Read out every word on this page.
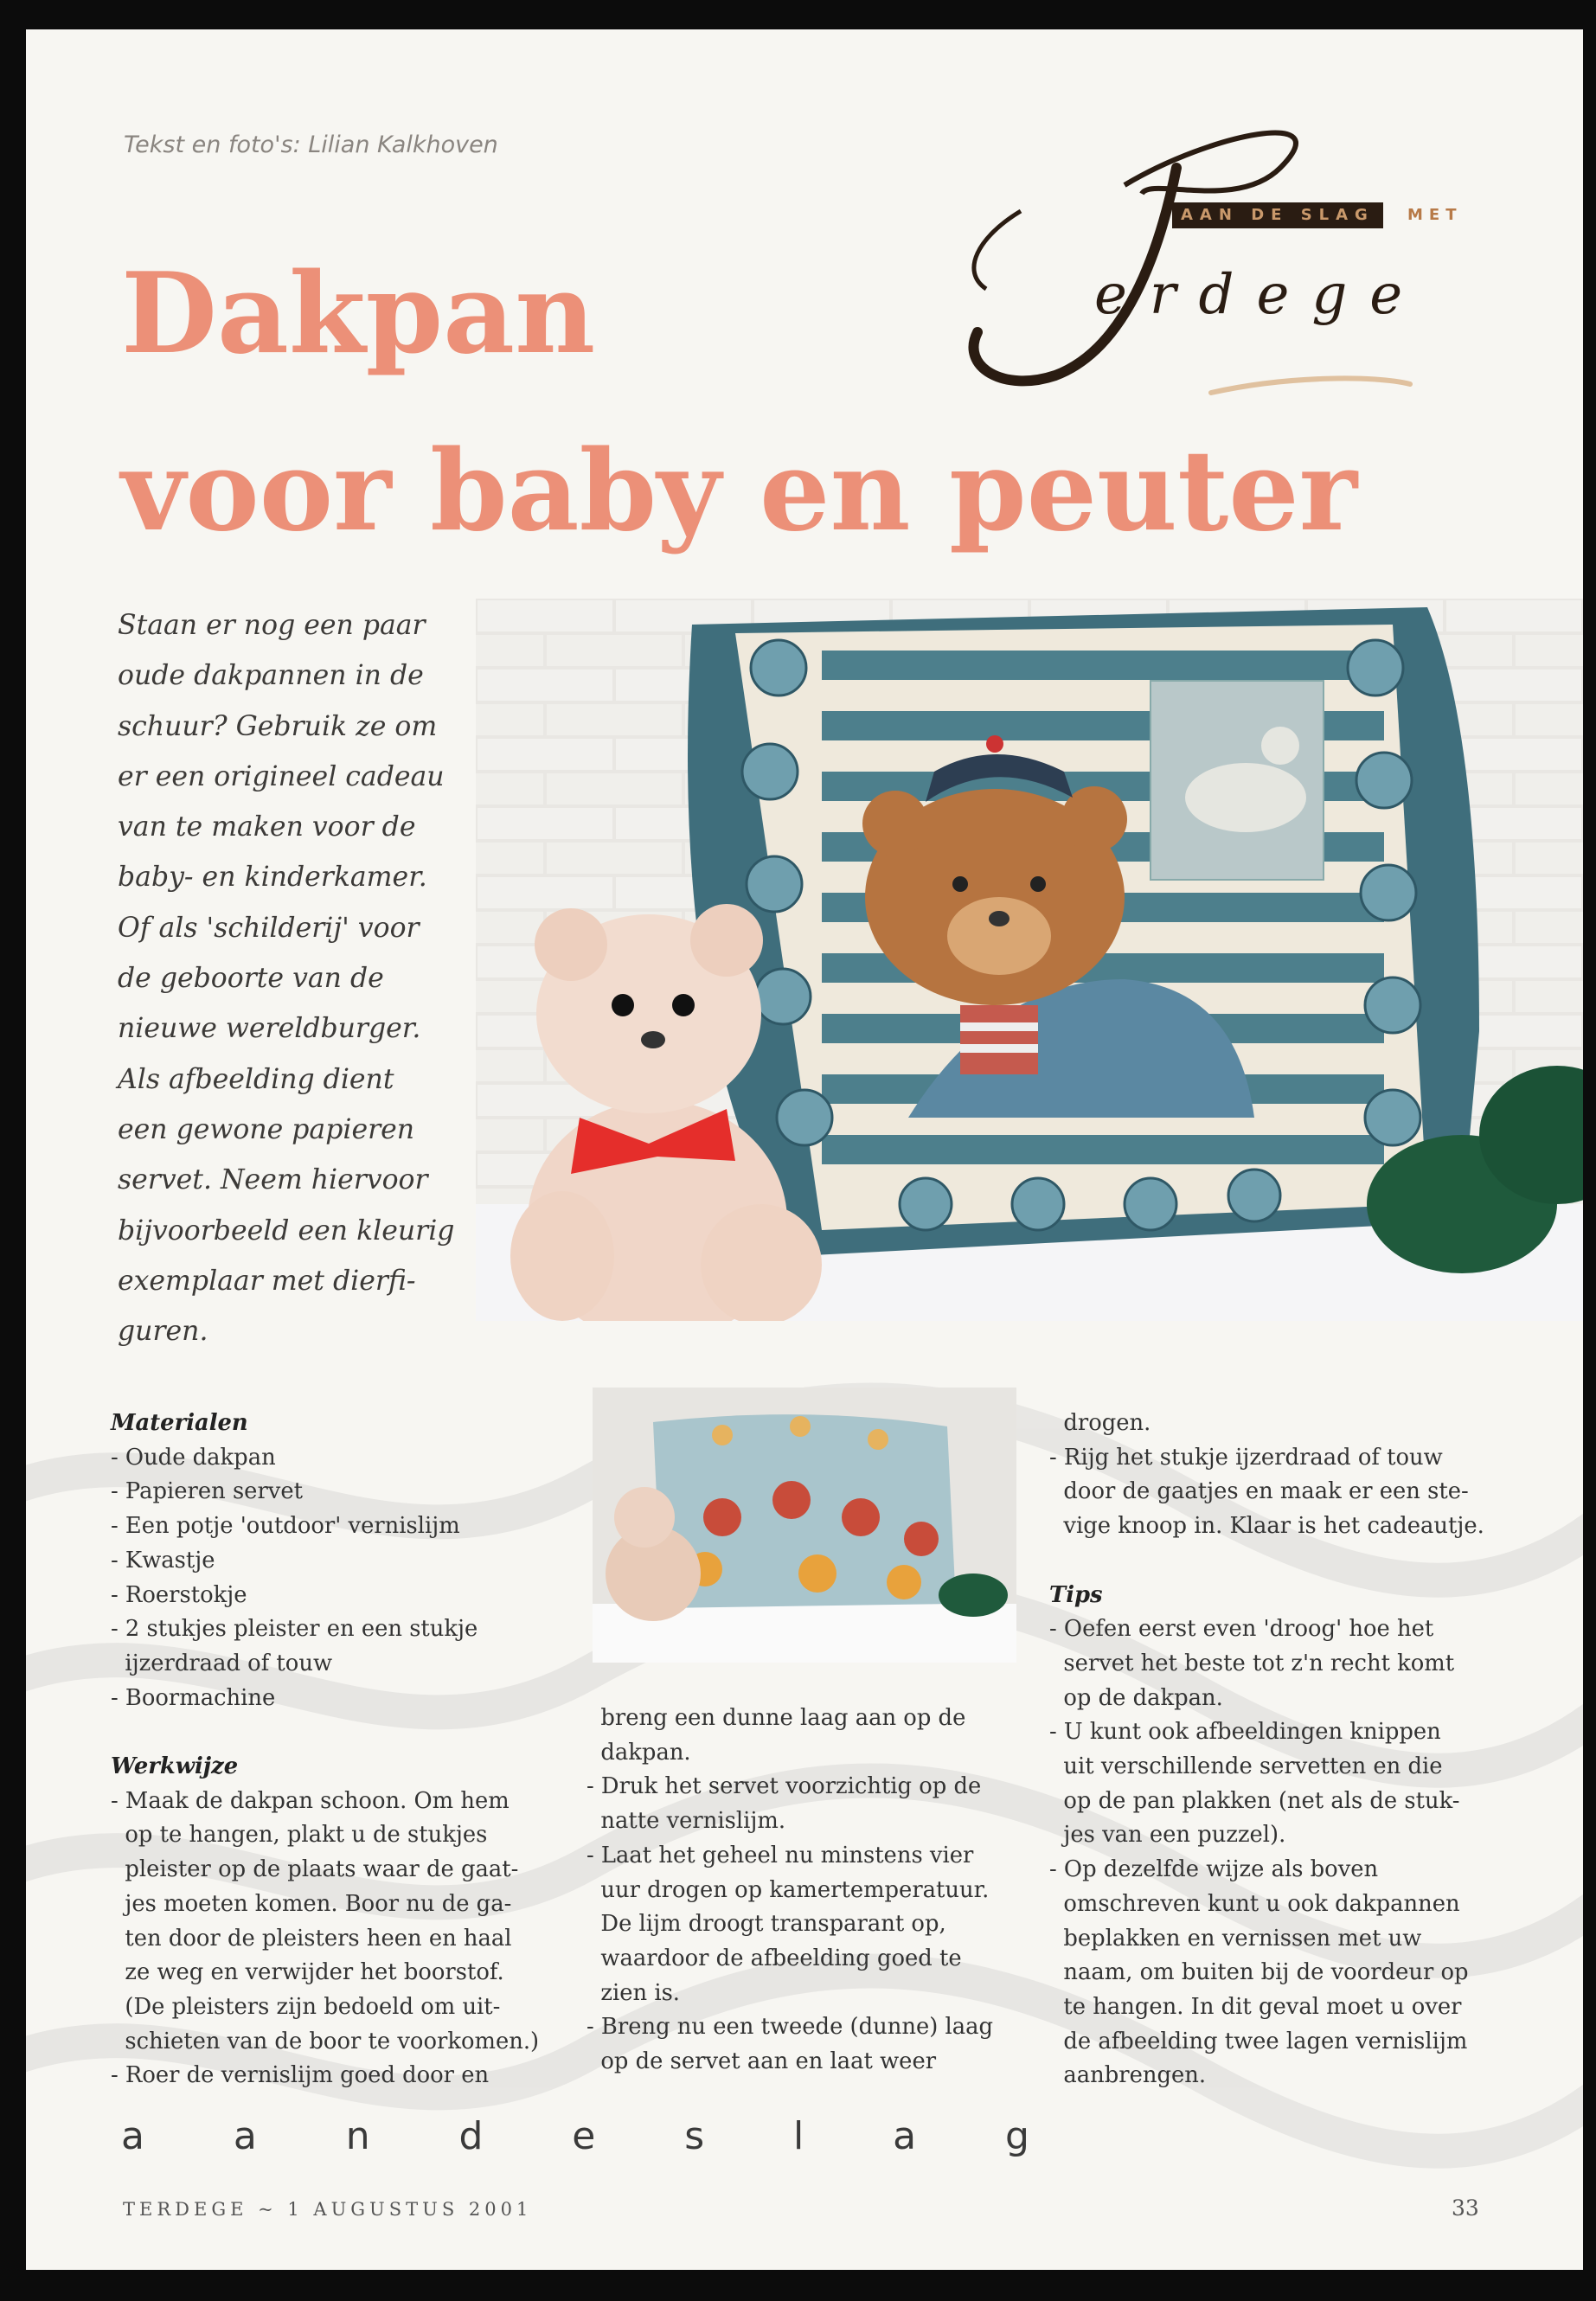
Tekst en foto's: Lilian Kalkhoven
Dakpan
voor baby en peuter
AAN DE SLAG	MET
erdege

Staan er nog een paar
oude dakpannen in de
schuur? Gebruik ze om
er een origineel cadeau
van te maken voor de
baby- en kinderkamer.
Of als 'schilderij' voor
de geboorte van de
nieuwe wereldburger.
Als afbeelding dient
een gewone papieren
servet. Neem hiervoor
bijvoorbeeld een kleurig
exemplaar met dierfi-
guren.

Materialen
- Oude dakpan
- Papieren servet
- Een potje 'outdoor' vernislijm
- Kwastje
- Roerstokje
- 2 stukjes pleister en een stukje
ijzerdraad of touw
- Boormachine

Werkwijze
- Maak de dakpan schoon. Om hem
op te hangen, plakt u de stukjes
pleister op de plaats waar de gaat-
jes moeten komen. Boor nu de ga-
ten door de pleisters heen en haal
ze weg en verwijder het boorstof.
(De pleisters zijn bedoeld om uit-
schieten van de boor te voorkomen.)
- Roer de vernislijm goed door en
breng een dunne laag aan op de
dakpan.
- Druk het servet voorzichtig op de
natte vernislijm.
- Laat het geheel nu minstens vier
uur drogen op kamertemperatuur.
De lijm droogt transparant op,
waardoor de afbeelding goed te
zien is.
- Breng nu een tweede (dunne) laag
op de servet aan en laat weer
drogen.
- Rijg het stukje ijzerdraad of touw
door de gaatjes en maak er een ste-
vige knoop in. Klaar is het cadeautje.

Tips
- Oefen eerst even 'droog' hoe het
servet het beste tot z'n recht komt
op de dakpan.
- U kunt ook afbeeldingen knippen
uit verschillende servetten en die
op de pan plakken (net als de stuk-
jes van een puzzel).
- Op dezelfde wijze als boven
omschreven kunt u ook dakpannen
beplakken en vernissen met uw
naam, om buiten bij de voordeur op
te hangen. In dit geval moet u over
de afbeelding twee lagen vernislijm
aanbrengen.
a a n d e s l a g
TERDEGE ~ 1 AUGUSTUS 2001	33
